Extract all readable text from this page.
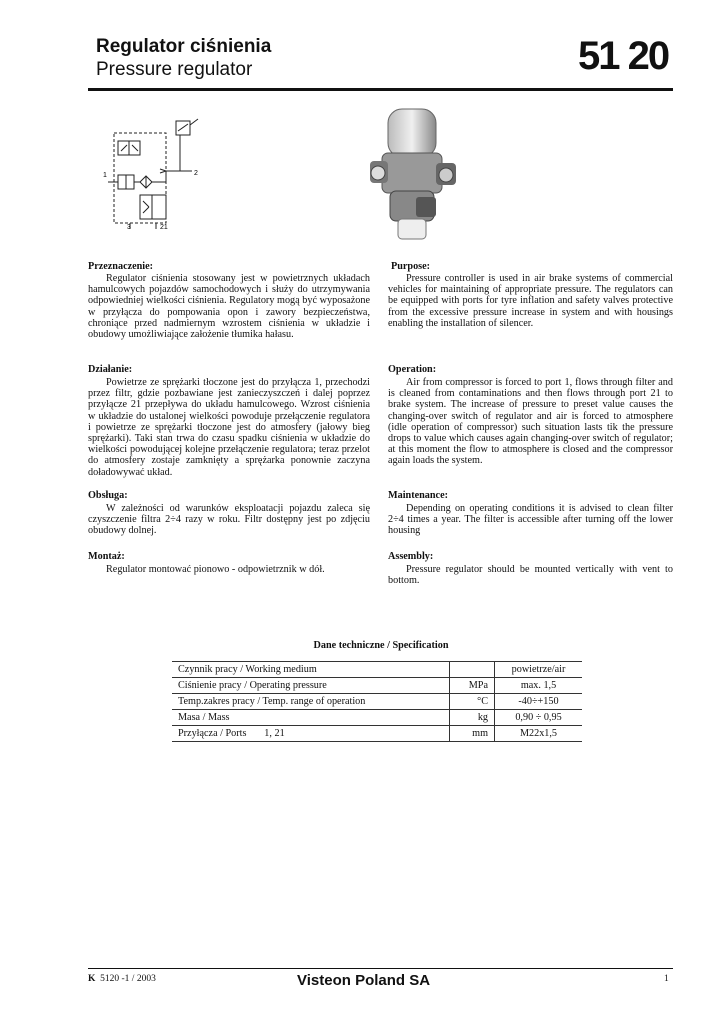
Regulator ciśnienia
Pressure regulator	51 20
1	2
3	21
Przeznaczenie:
Regulator ciśnienia stosowany jest w powietrznych układach hamulcowych pojazdów samochodowych i służy do utrzymywania odpowiedniej wielkości ciśnienia. Regulatory mogą być wyposażone w przyłącza do pompowania opon i zawory bezpieczeństwa, chroniące przed nadmiernym wzrostem ciśnienia w układzie i obudowy umożliwiające założenie tłumika hałasu.
Działanie:
Powietrze ze sprężarki tłoczone jest do przyłącza 1, przechodzi przez filtr, gdzie pozbawiane jest zanieczyszczeń i dalej poprzez przyłącze 21 przepływa do układu hamulcowego. Wzrost ciśnienia w układzie do ustalonej wielkości powoduje przełączenie regulatora i powietrze ze sprężarki tłoczone jest do atmosfery (jałowy bieg sprężarki). Taki stan trwa do czasu spadku ciśnienia w układzie do wielkości powodującej kolejne przełączenie regulatora; teraz przelot do atmosfery zostaje zamknięty a sprężarka ponownie zaczyna doładowywać układ.
Obsługa:
W zależności od warunków eksploatacji pojazdu zaleca się czyszczenie filtra 2÷4 razy w roku. Filtr dostępny jest po zdjęciu obudowy dolnej.
Montaż:
Regulator montować pionowo - odpowietrznik w dół.
Purpose:
Pressure controller is used in air brake systems of commercial vehicles for maintaining of appropriate pressure. The regulators can be equipped with ports for tyre inflation and safety valves protective from the excessive pressure increase in system and with housings enabling the installation of silencer.
Operation:
Air from compressor is forced to port 1, flows through filter and is cleaned from contaminations and then flows through port 21 to brake system. The increase of pressure to preset value causes the changing-over switch of regulator and air is forced to atmosphere (idle operation of compressor) such situation lasts tik the pressure drops to value which causes again changing-over switch of regulator; at this moment the flow to atmosphere is closed and the compressor again loads the system.
Maintenance:
Depending on operating conditions it is advised to clean filter 2÷4 times a year. The filter is accessible after turning off the lower housing
Assembly:
Pressure regulator should be mounted vertically with vent to bottom.
Dane techniczne / Specification
Czynnik pracy / Working medium		powietrze/air
Ciśnienie pracy / Operating pressure	MPa	max. 1,5
Temp.zakres pracy / Temp. range of operation	°C	-40÷+150
Masa / Mass	kg	0,90 ÷ 0,95
Przyłącza / Ports       1, 21	mm	M22x1,5
K 5120 -1 / 2003	Visteon Poland SA	1
